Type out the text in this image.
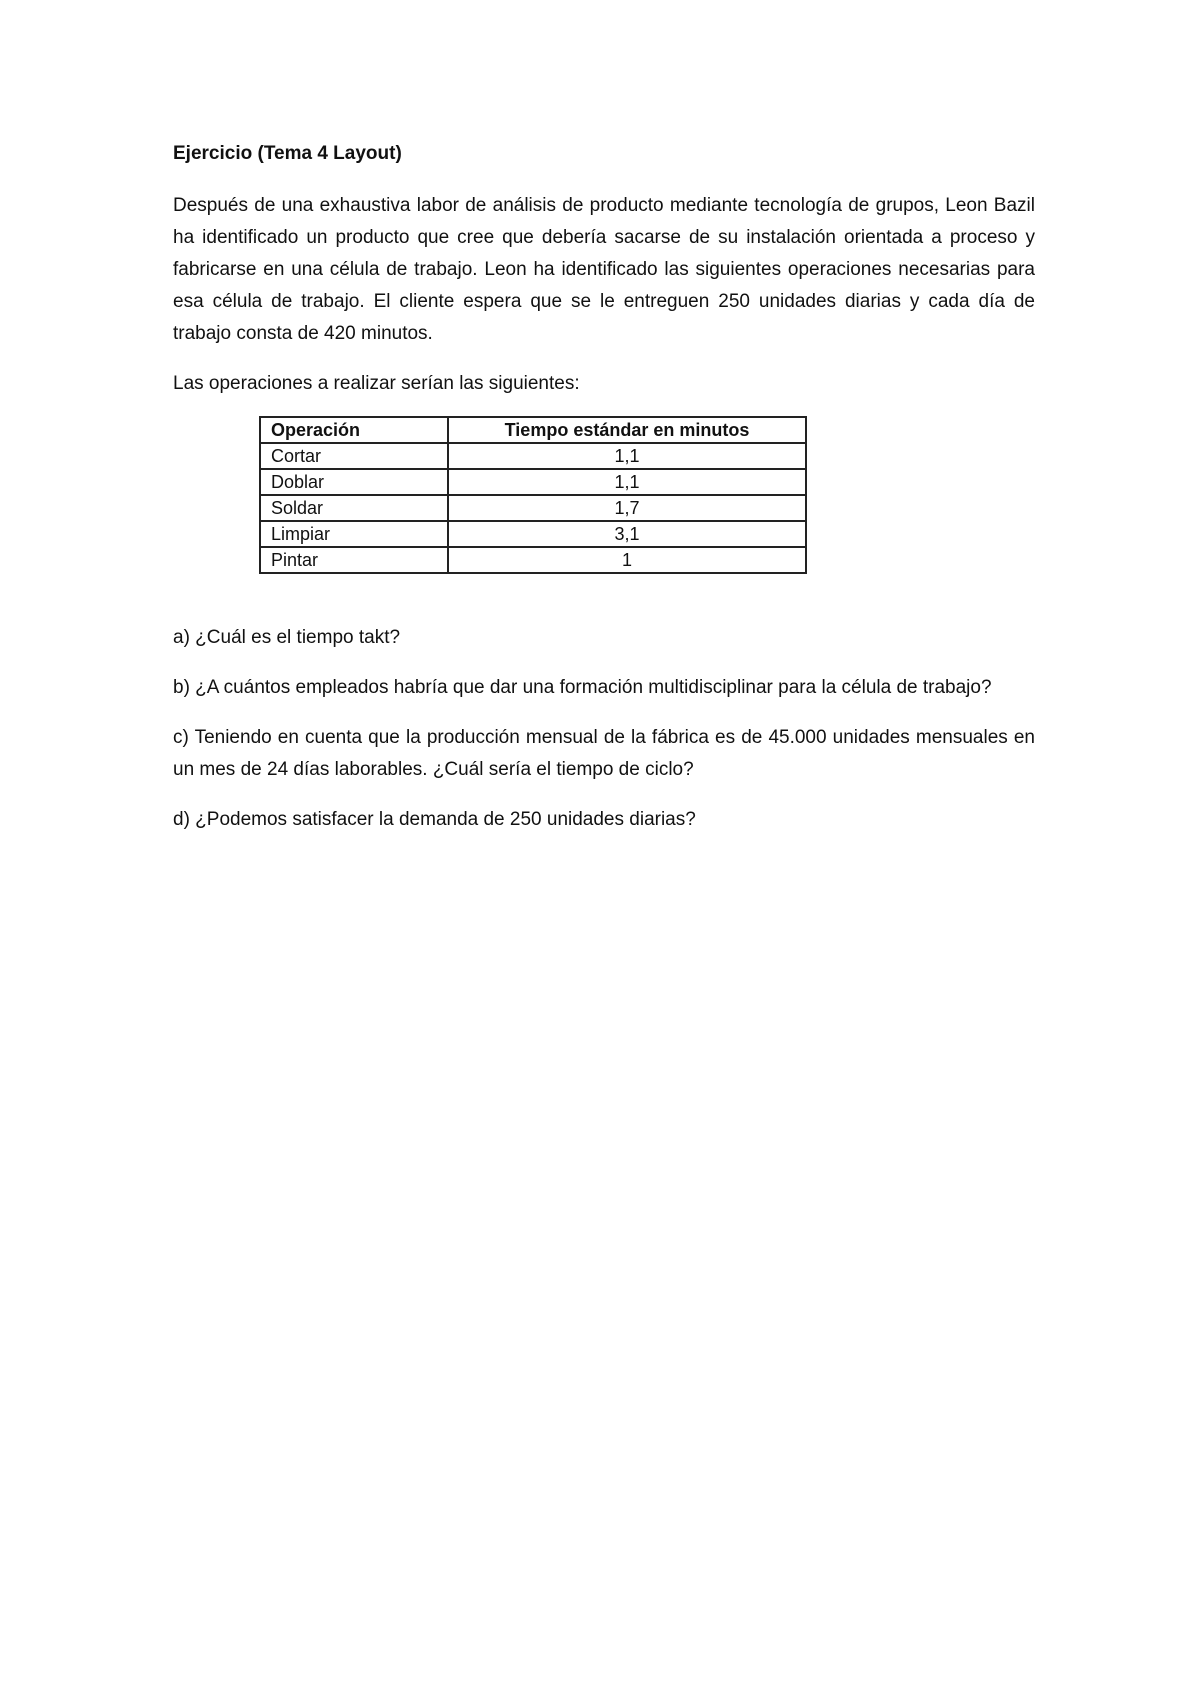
Ejercicio (Tema 4 Layout)

Después de una exhaustiva labor de análisis de producto mediante tecnología de grupos, Leon Bazil ha identificado un producto que cree que debería sacarse de su instalación orientada a proceso y fabricarse en una célula de trabajo. Leon ha identificado las siguientes operaciones necesarias para esa célula de trabajo. El cliente espera que se le entreguen 250 unidades diarias y cada día de trabajo consta de 420 minutos.

Las operaciones a realizar serían las siguientes:

Operación	Tiempo estándar en minutos
Cortar	1,1
Doblar	1,1
Soldar	1,7
Limpiar	3,1
Pintar	1

a) ¿Cuál es el tiempo takt?

b) ¿A cuántos empleados habría que dar una formación multidisciplinar para la célula de trabajo?

c) Teniendo en cuenta que la producción mensual de la fábrica es de 45.000 unidades mensuales en un mes de 24 días laborables. ¿Cuál sería el tiempo de ciclo?

d) ¿Podemos satisfacer la demanda de 250 unidades diarias?
